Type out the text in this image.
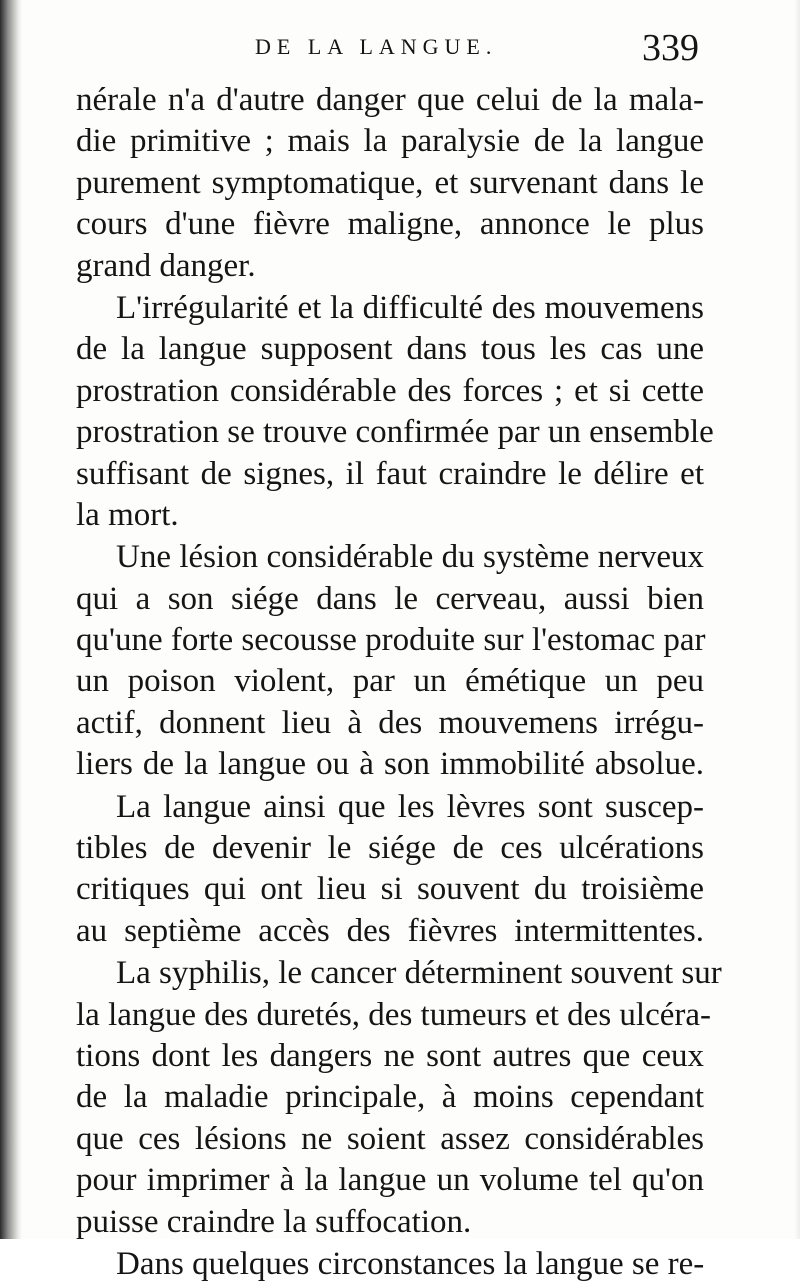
DE LA LANGUE.	339
nérale n'a d'autre danger que celui de la mala-
die primitive ; mais la paralysie de la langue
purement symptomatique, et survenant dans le
cours d'une fièvre maligne, annonce le plus
grand danger.
L'irrégularité et la difficulté des mouvemens
de la langue supposent dans tous les cas une
prostration considérable des forces ; et si cette
prostration se trouve confirmée par un ensemble
suffisant de signes, il faut craindre le délire et
la mort.
Une lésion considérable du système nerveux
qui a son siége dans le cerveau, aussi bien
qu'une forte secousse produite sur l'estomac par
un poison violent, par un émétique un peu
actif, donnent lieu à des mouvemens irrégu-
liers de la langue ou à son immobilité absolue.
La langue ainsi que les lèvres sont suscep-
tibles de devenir le siége de ces ulcérations
critiques qui ont lieu si souvent du troisième
au septième accès des fièvres intermittentes.
La syphilis, le cancer déterminent souvent sur
la langue des duretés, des tumeurs et des ulcéra-
tions dont les dangers ne sont autres que ceux
de la maladie principale, à moins cependant
que ces lésions ne soient assez considérables
pour imprimer à la langue un volume tel qu'on
puisse craindre la suffocation.
Dans quelques circonstances la langue se re-
